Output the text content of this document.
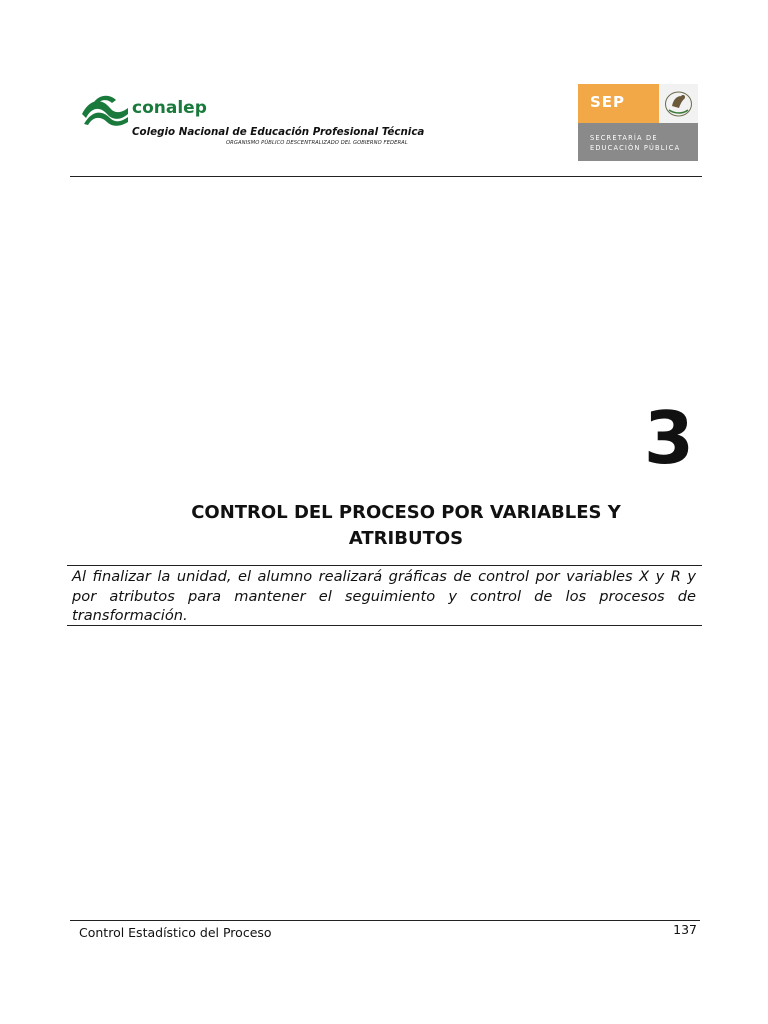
conalep
Colegio Nacional de Educación Profesional Técnica
ORGANISMO PÚBLICO DESCENTRALIZADO DEL GOBIERNO FEDERAL
SEP
SECRETARÍA DE
EDUCACIÓN PÚBLICA
3
CONTROL DEL PROCESO POR VARIABLES Y ATRIBUTOS
Al finalizar la unidad, el alumno realizará gráficas de control por variables X y R y por atributos para mantener el seguimiento y control de los procesos de transformación.
Control Estadístico del Proceso	137
